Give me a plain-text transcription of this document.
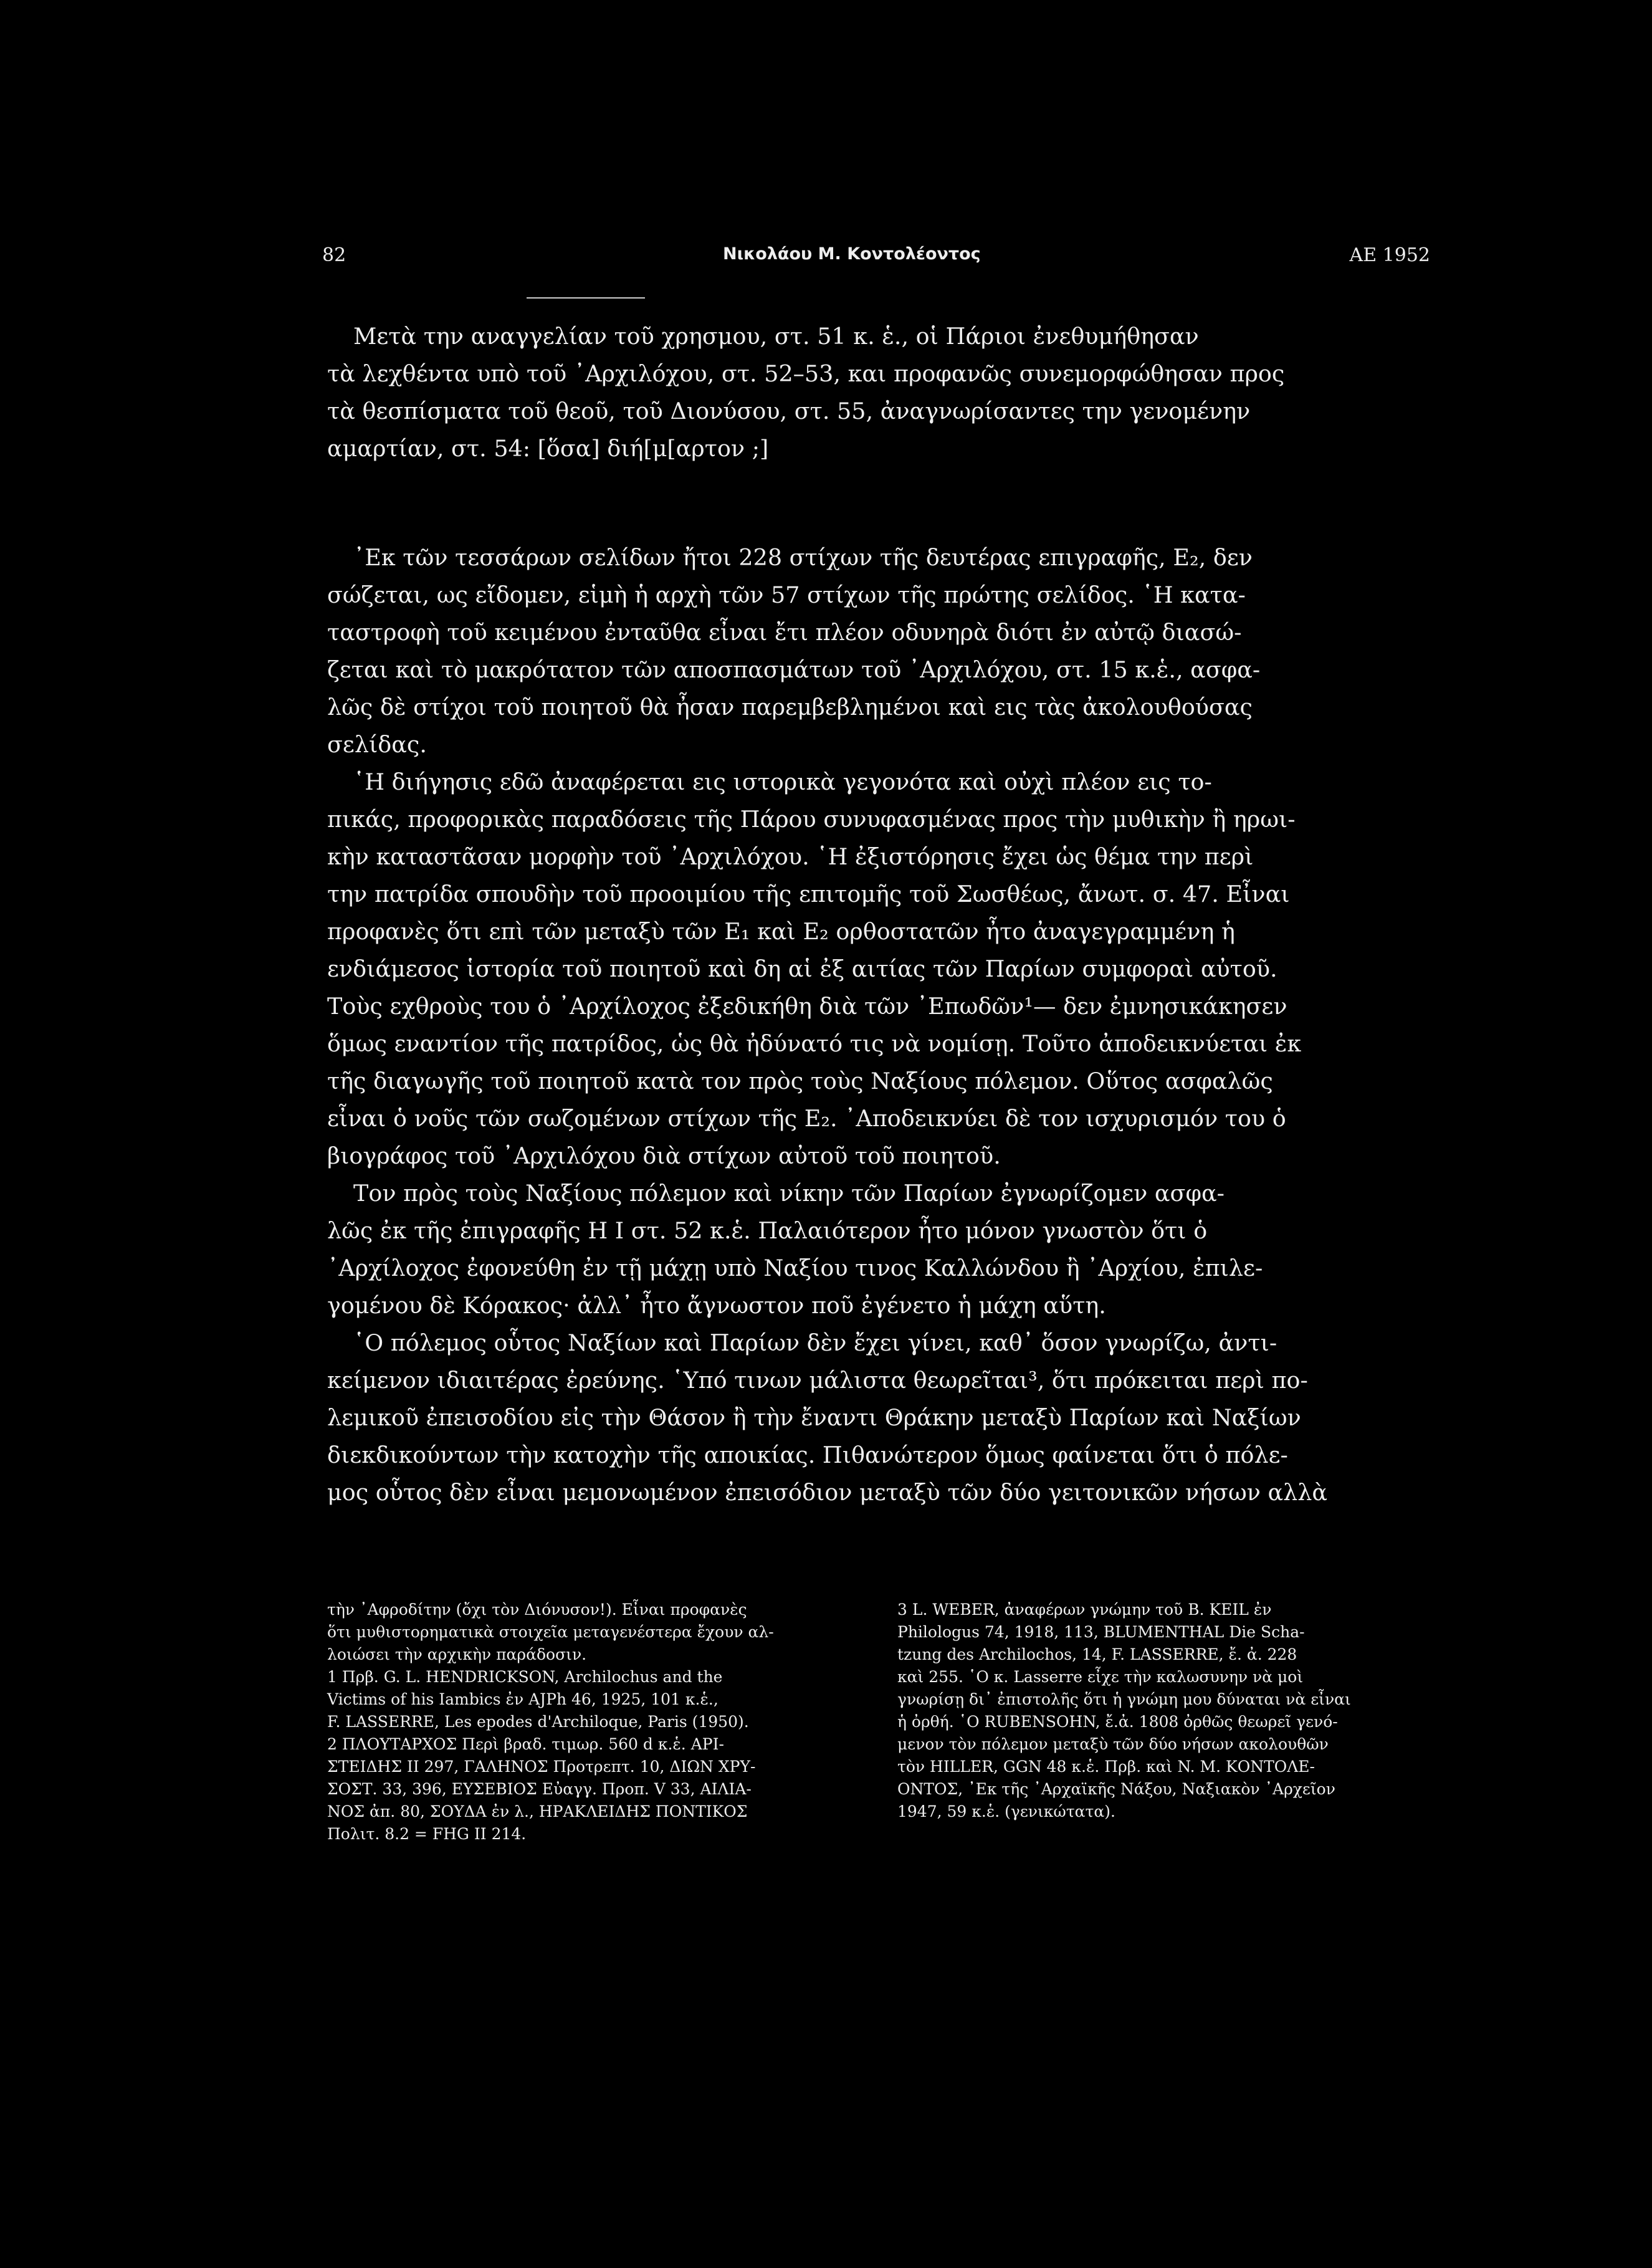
82	Νικολάου Μ. Κοντολέοντος	ΑΕ 1952
Μετὰ την αναγγελίαν τοῦ χρησμου, στ. 51 κ. ἑ., οἱ Πάριοι ἐνεθυμήθησαν
τὰ λεχθέντα υπὸ τοῦ ᾿Αρχιλόχου, στ. 52–53, και προφανῶς συνεμορφώθησαν προς
τὰ θεσπίσματα τοῦ θεοῦ, τοῦ Διονύσου, στ. 55, ἀναγνωρίσαντες την γενομένην
αμαρτίαν, στ. 54: [ὅσα] διή[μ[αρτον ;]
᾿Εκ τῶν τεσσάρων σελίδων ἤτοι 228 στίχων τῆς δευτέρας επιγραφῆς, E₂, δεν
σώζεται, ως εἴδομεν, εἱμὴ ἡ αρχὴ τῶν 57 στίχων τῆς πρώτης σελίδος. ῾Η κατα-
ταστροφὴ τοῦ κειμένου ἐνταῦθα εἶναι ἔτι πλέον οδυνηρὰ διότι ἐν αὐτῷ διασώ-
ζεται καὶ τὸ μακρότατον τῶν αποσπασμάτων τοῦ ᾿Αρχιλόχου, στ. 15 κ.ἑ., ασφα-
λῶς δὲ στίχοι τοῦ ποιητοῦ θὰ ἦσαν παρεμβεβλημένοι καὶ εις τὰς ἀκολουθούσας
σελίδας.
῾Η διήγησις εδῶ ἀναφέρεται εις ιστορικὰ γεγονότα καὶ οὐχὶ πλέον εις το-
πικάς, προφορικὰς παραδόσεις τῆς Πάρου συνυφασμένας προς τὴν μυθικὴν ἢ ηρωι-
κὴν καταστᾶσαν μορφὴν τοῦ ᾿Αρχιλόχου. ῾Η ἐξιστόρησις ἔχει ὡς θέμα την περὶ
την πατρίδα σπουδὴν τοῦ προοιμίου τῆς επιτομῆς τοῦ Σωσθέως, ἄνωτ. σ. 47. Εἶναι
προφανὲς ὅτι επὶ τῶν μεταξὺ τῶν E₁ καὶ E₂ ορθοστατῶν ἦτο ἀναγεγραμμένη ἡ
ενδιάμεσος ἱστορία τοῦ ποιητοῦ καὶ δη αἱ ἐξ αιτίας τῶν Παρίων συμφοραὶ αὐτοῦ.
Τοὺς εχθροὺς του ὁ ᾿Αρχίλοχος ἐξεδικήθη διὰ τῶν ᾿Επωδῶν¹— δεν ἐμνησικάκησεν
ὅμως εναντίον τῆς πατρίδος, ὡς θὰ ἠδύνατό τις νὰ νομίσῃ. Τοῦτο ἀποδεικνύεται ἐκ
τῆς διαγωγῆς τοῦ ποιητοῦ κατὰ τον πρὸς τοὺς Ναξίους πόλεμον. Οὕτος ασφαλῶς
εἶναι ὁ νοῦς τῶν σωζομένων στίχων τῆς E₂. ᾿Αποδεικνύει δὲ τον ισχυρισμόν του ὁ
βιογράφος τοῦ ᾿Αρχιλόχου διὰ στίχων αὐτοῦ τοῦ ποιητοῦ.
Τον πρὸς τοὺς Ναξίους πόλεμον καὶ νίκην τῶν Παρίων ἐγνωρίζομεν ασφα-
λῶς ἐκ τῆς ἐπιγραφῆς H I στ. 52 κ.ἑ. Παλαιότερον ἦτο μόνον γνωστὸν ὅτι ὁ
᾿Αρχίλοχος ἐφονεύθη ἐν τῇ μάχῃ υπὸ Ναξίου τινος Καλλώνδου ἢ ᾿Αρχίου, ἐπιλε-
γομένου δὲ Κόρακος· ἀλλ᾿ ἦτο ἄγνωστον ποῦ ἐγένετο ἡ μάχη αὕτη.
῾Ο πόλεμος οὗτος Ναξίων καὶ Παρίων δὲν ἔχει γίνει, καθ᾿ ὅσον γνωρίζω, ἀντι-
κείμενον ιδιαιτέρας ἐρεύνης. ῾Υπό τινων μάλιστα θεωρεῖται³, ὅτι πρόκειται περὶ πο-
λεμικοῦ ἐπεισοδίου εἰς τὴν Θάσον ἢ τὴν ἔναντι Θράκην μεταξὺ Παρίων καὶ Ναξίων
διεκδικούντων τὴν κατοχὴν τῆς αποικίας. Πιθανώτερον ὅμως φαίνεται ὅτι ὁ πόλε-
μος οὗτος δὲν εἶναι μεμονωμένον ἐπεισόδιον μεταξὺ τῶν δύο γειτονικῶν νήσων αλλὰ
τὴν ᾿Αφροδίτην (ὄχι τὸν Διόνυσον!). Εἶναι προφανὲς
ὅτι μυθιστορηματικὰ στοιχεῖα μεταγενέστερα ἔχουν αλ-
λοιώσει τὴν αρχικὴν παράδοσιν.
1 Πρβ. G. L. HENDRICKSON, Archilochus and the
Victims of his Iambics ἐν AJPh 46, 1925, 101 κ.ἑ.,
F. LASSERRE, Les epodes d'Archiloque, Paris (1950).
2 ΠΛΟΥΤΑΡΧΟΣ Περὶ βραδ. τιμωρ. 560 d κ.ἑ. ΑΡΙ-
ΣΤΕΙΔΗΣ ΙΙ 297, ΓΑΛΗΝΟΣ Προτρεπτ. 10, ΔΙΩΝ ΧΡΥ-
ΣΟΣΤ. 33, 396, ΕΥΣΕΒΙΟΣ Εὐαγγ. Προπ. V 33, ΑΙΛΙΑ-
ΝΟΣ ἀπ. 80, ΣΟΥΔΑ ἐν λ., ΗΡΑΚΛΕΙΔΗΣ ΠΟΝΤΙΚΟΣ
Πολιτ. 8.2 = FHG II 214.
3 L. WEBER, ἀναφέρων γνώμην τοῦ B. KEIL ἐν
Philologus 74, 1918, 113, BLUMENTHAL Die Scha-
tzung des Archilochos, 14, F. LASSERRE, ἔ. ἀ. 228
καὶ 255. ῾Ο κ. Lasserre εἶχε τὴν καλωσυνην νὰ μοὶ
γνωρίσῃ δι᾿ ἐπιστολῆς ὅτι ἡ γνώμη μου δύναται νὰ εἶναι
ἡ ὀρθή. ῾Ο RUBENSOHN, ἔ.ἀ. 1808 ὀρθῶς θεωρεῖ γενό-
μενον τὸν πόλεμον μεταξὺ τῶν δύο νήσων ακολουθῶν
τὸν HILLER, GGN 48 κ.ἑ. Πρβ. καὶ N. M. ΚΟΝΤΟΛΕ-
ΟΝΤΟΣ, ᾿Εκ τῆς ᾿Αρχαϊκῆς Νάξου, Ναξιακὸν ᾿Αρχεῖον
1947, 59 κ.ἑ. (γενικώτατα).
